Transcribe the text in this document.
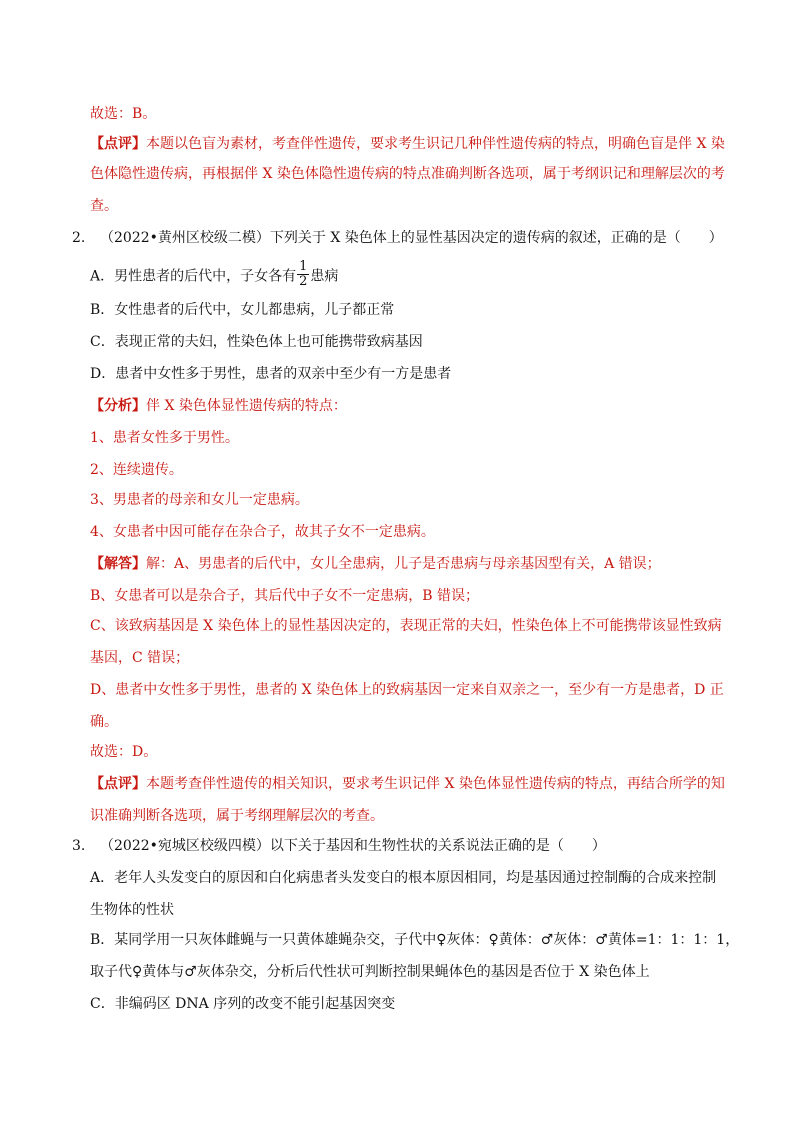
故选：B。
【点评】本题以色盲为素材，考查伴性遗传，要求考生识记几种伴性遗传病的特点，明确色盲是伴 X 染
色体隐性遗传病，再根据伴 X 染色体隐性遗传病的特点准确判断各选项，属于考纲识记和理解层次的考
查。
2. （2022•黄州区校级二模）下列关于 X 染色体上的显性基因决定的遗传病的叙述，正确的是（　　）
A．男性患者的后代中，子女各有 $\frac{1}{2}$ 患病
B．女性患者的后代中，女儿都患病，儿子都正常
C．表现正常的夫妇，性染色体上也可能携带致病基因
D．患者中女性多于男性，患者的双亲中至少有一方是患者
【分析】伴 X 染色体显性遗传病的特点：
1、患者女性多于男性。
2、连续遗传。
3、男患者的母亲和女儿一定患病。
4、女患者中因可能存在杂合子，故其子女不一定患病。
【解答】解：A、男患者的后代中，女儿全患病，儿子是否患病与母亲基因型有关，A 错误；
B、女患者可以是杂合子，其后代中子女不一定患病，B 错误；
C、该致病基因是 X 染色体上的显性基因决定的，表现正常的夫妇，性染色体上不可能携带该显性致病
基因，C 错误；
D、患者中女性多于男性，患者的 X 染色体上的致病基因一定来自双亲之一，至少有一方是患者，D 正
确。
故选：D。
【点评】本题考查伴性遗传的相关知识，要求考生识记伴 X 染色体显性遗传病的特点，再结合所学的知
识准确判断各选项，属于考纲理解层次的考查。
3. （2022•宛城区校级四模）以下关于基因和生物性状的关系说法正确的是（　　）
A．老年人头发变白的原因和白化病患者头发变白的根本原因相同，均是基因通过控制酶的合成来控制
生物体的性状
B．某同学用一只灰体雌蝇与一只黄体雄蝇杂交，子代中♀灰体：♀黄体：♂灰体：♂黄体=1：1：1：1，
取子代♀黄体与♂灰体杂交，分析后代性状可判断控制果蝇体色的基因是否位于 X 染色体上
C．非编码区 DNA 序列的改变不能引起基因突变
